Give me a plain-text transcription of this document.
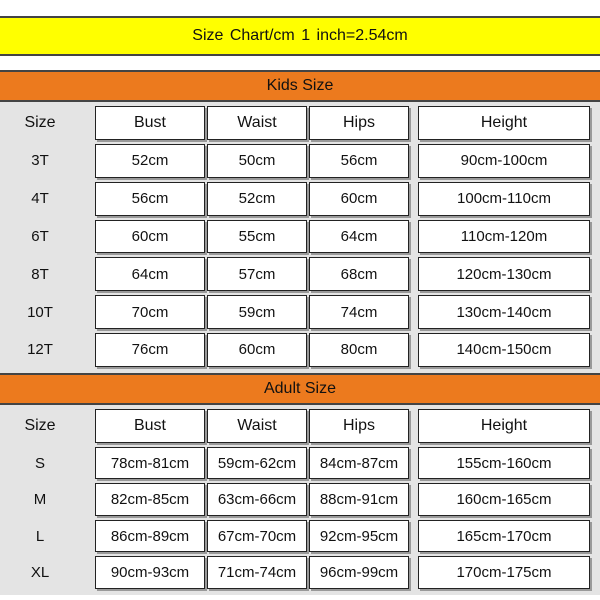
Size Chart/cm 1 inch=2.54cm
Kids Size
Size	Bust	Waist	Hips	Height
3T	52cm	50cm	56cm	90cm-100cm
4T	56cm	52cm	60cm	100cm-110cm
6T	60cm	55cm	64cm	110cm-120m
8T	64cm	57cm	68cm	120cm-130cm
10T	70cm	59cm	74cm	130cm-140cm
12T	76cm	60cm	80cm	140cm-150cm
Adult Size
Size	Bust	Waist	Hips	Height
S	78cm-81cm	59cm-62cm	84cm-87cm	155cm-160cm
M	82cm-85cm	63cm-66cm	88cm-91cm	160cm-165cm
L	86cm-89cm	67cm-70cm	92cm-95cm	165cm-170cm
XL	90cm-93cm	71cm-74cm	96cm-99cm	170cm-175cm
